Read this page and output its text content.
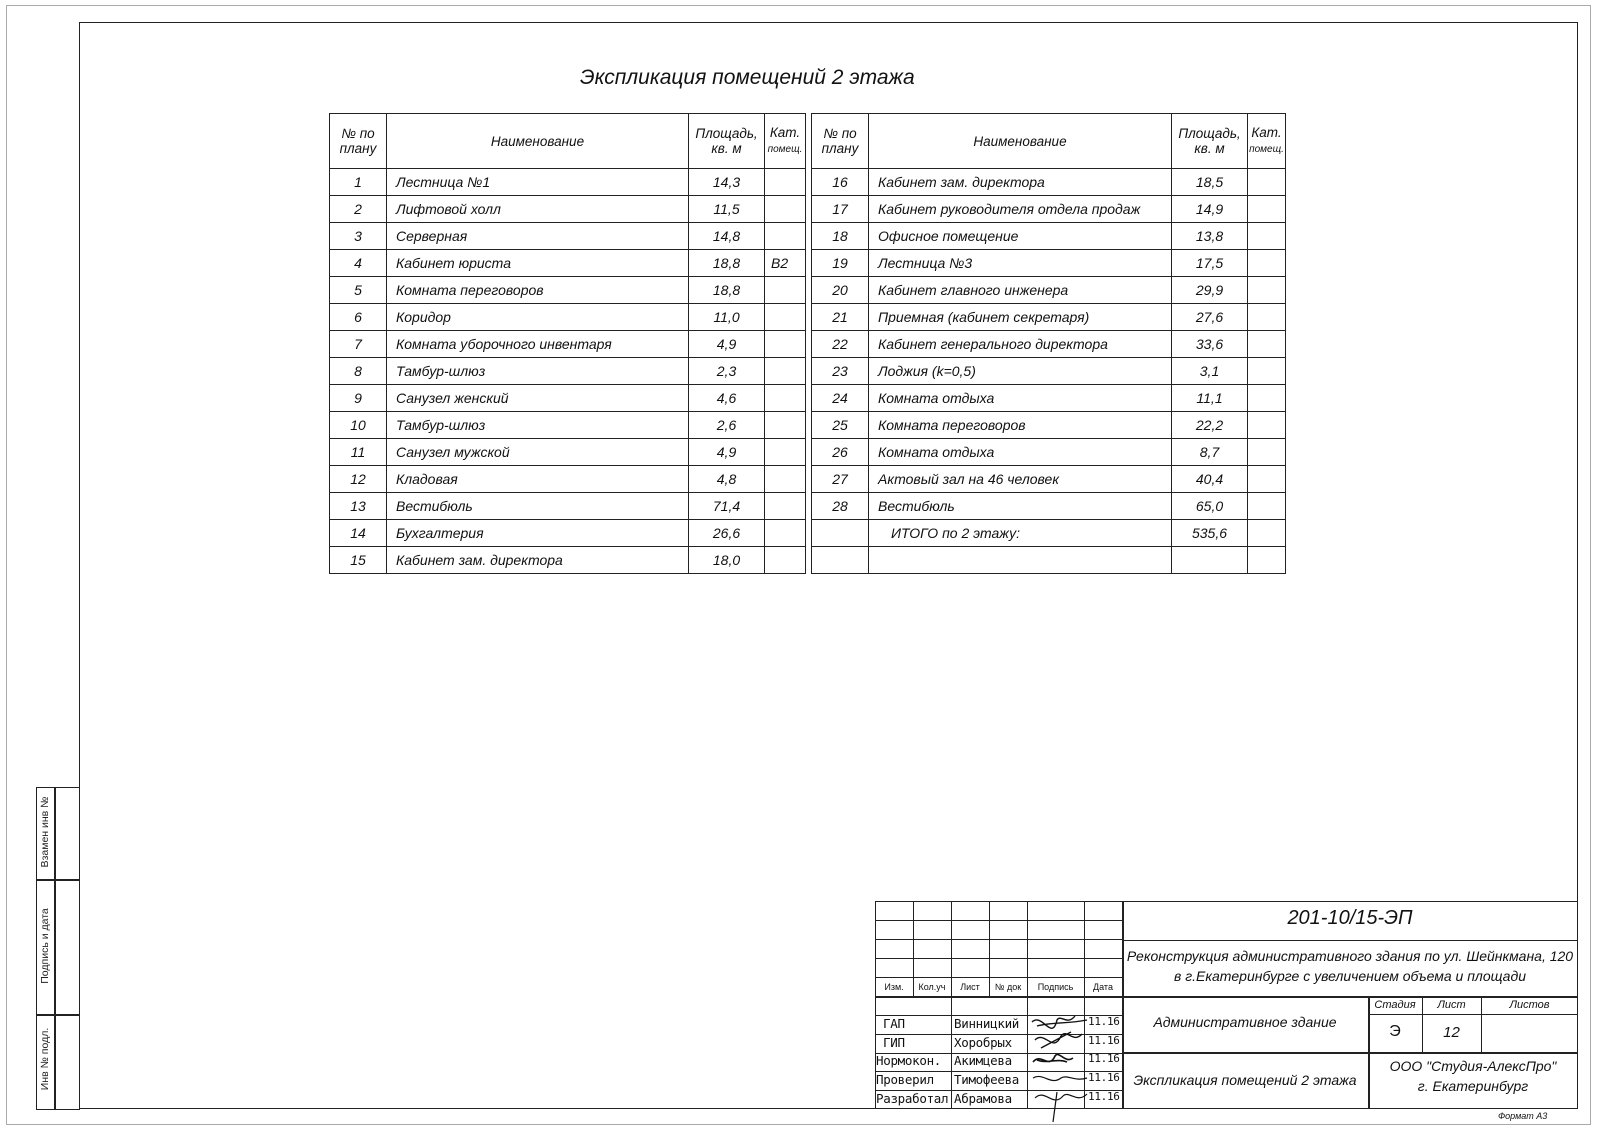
Экспликация помещений 2 этажа
№ по плану	Наименование	Площадь, кв. м	Кат.
помещ.
1	Лестница №1	14,3	
2	Лифтовой холл	11,5	
3	Серверная	14,8	
4	Кабинет юриста	18,8	В2
5	Комната переговоров	18,8	
6	Коридор	11,0	
7	Комната уборочного инвентаря	4,9	
8	Тамбур-шлюз	2,3	
9	Санузел женский	4,6	
10	Тамбур-шлюз	2,6	
11	Санузел мужской	4,9	
12	Кладовая	4,8	
13	Вестибюль	71,4	
14	Бухгалтерия	26,6	
15	Кабинет зам. директора	18,0	
№ по плану	Наименование	Площадь, кв. м	Кат.
помещ.
16	Кабинет зам. директора	18,5	
17	Кабинет руководителя отдела продаж	14,9	
18	Офисное помещение	13,8	
19	Лестница №3	17,5	
20	Кабинет главного инженера	29,9	
21	Приемная (кабинет секретаря)	27,6	
22	Кабинет генерального директора	33,6	
23	Лоджия (k=0,5)	3,1	
24	Комната отдыха	11,1	
25	Комната переговоров	22,2	
26	Комната отдыха	8,7	
27	Актовый зал на 46 человек	40,4	
28	Вестибюль	65,0	
	ИТОГО по 2 этажу:	535,6	

Взамен инв №
Подпись и дата
Инв № подл.
Изм.	Кол.уч	Лист	№ док	Подпись	Дата
ГАП	Винницкий	11.16
ГИП	Хоробрых	11.16
Нормокон. Акимцева	11.16
Проверил Тимофеева	11.16
Разработал Абрамова	11.16
201-10/15-ЭП
Реконструкция административного здания по ул. Шейнкмана, 120
в г.Екатеринбурге с увеличением объема и площади
Административное здание
Экспликация помещений 2 этажа
Стадия	Лист	Листов
Э	12
ООО "Студия-АлексПро"
г. Екатеринбург
Формат А3
